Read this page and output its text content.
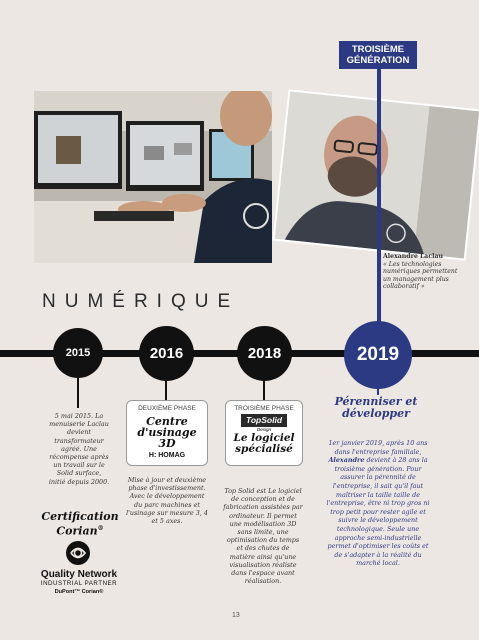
TROISIÈME
GÉNÉRATION
Alexandre Laclau
« Les technologies numériques permettent un management plus collaboratif »
NUMÉRIQUE
2015	2016	2018	2019
5 mai 2015. La menuiserie Laclau devient transformateur agréé. Une récompense après un travail sur le Solid surface, initié depuis 2000.
Certification Corian®
Quality Network
INDUSTRIAL PARTNER
DuPont™ Corian®
DEUXIÈME PHASE
Centre d'usinage 3D
H: HOMAG
Mise à jour et deuxième phase d'investissement. Avec le développement du parc machines et l'usinage sur mesure 3, 4 et 5 axes.
TROISIÈME PHASE
TopSolid
Design
Le logiciel spécialisé
Top Solid est Le logiciel de conception et de fabrication assistées par ordinateur. Il permet une modélisation 3D sans limite, une optimisation du temps et des chutes de matière ainsi qu'une visualisation réaliste dans l'espace avant réalisation.
Pérenniser et développer
1er janvier 2019, après 10 ans dans l'entreprise familiale, Alexandre devient à 28 ans la troisième génération. Pour assurer la pérennité de l'entreprise, il sait qu'il faut maîtriser la taille taille de l'entreprise, être ni trop gros ni trop petit pour rester agile et suivre le développement technologique. Seule une approche semi-industrielle permet d'optimiser les coûts et de s'adapter à la réalité du marché local.
13
